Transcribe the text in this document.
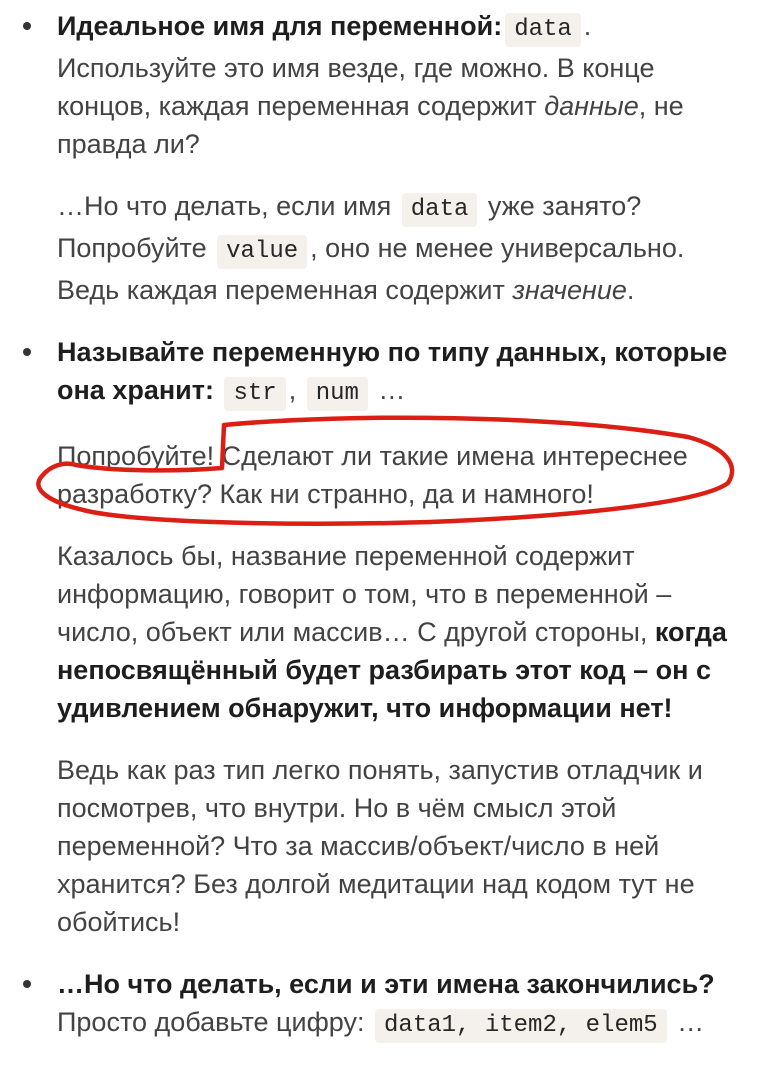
Идеальное имя для переменной: data .
Используйте это имя везде, где можно. В конце
концов, каждая переменная содержит данные, не
правда ли?
…Но что делать, если имя data уже занято?
Попробуйте value , оно не менее универсально.
Ведь каждая переменная содержит значение.
Называйте переменную по типу данных, которые
она хранит: str , num …
Попробуйте! Сделают ли такие имена интереснее
разработку? Как ни странно, да и намного!
Казалось бы, название переменной содержит
информацию, говорит о том, что в переменной –
число, объект или массив… С другой стороны, когда
непосвящённый будет разбирать этот код – он с
удивлением обнаружит, что информации нет!
Ведь как раз тип легко понять, запустив отладчик и
посмотрев, что внутри. Но в чём смысл этой
переменной? Что за массив/объект/число в ней
хранится? Без долгой медитации над кодом тут не
обойтись!
…Но что делать, если и эти имена закончились?
Просто добавьте цифру: data1, item2, elem5 …
